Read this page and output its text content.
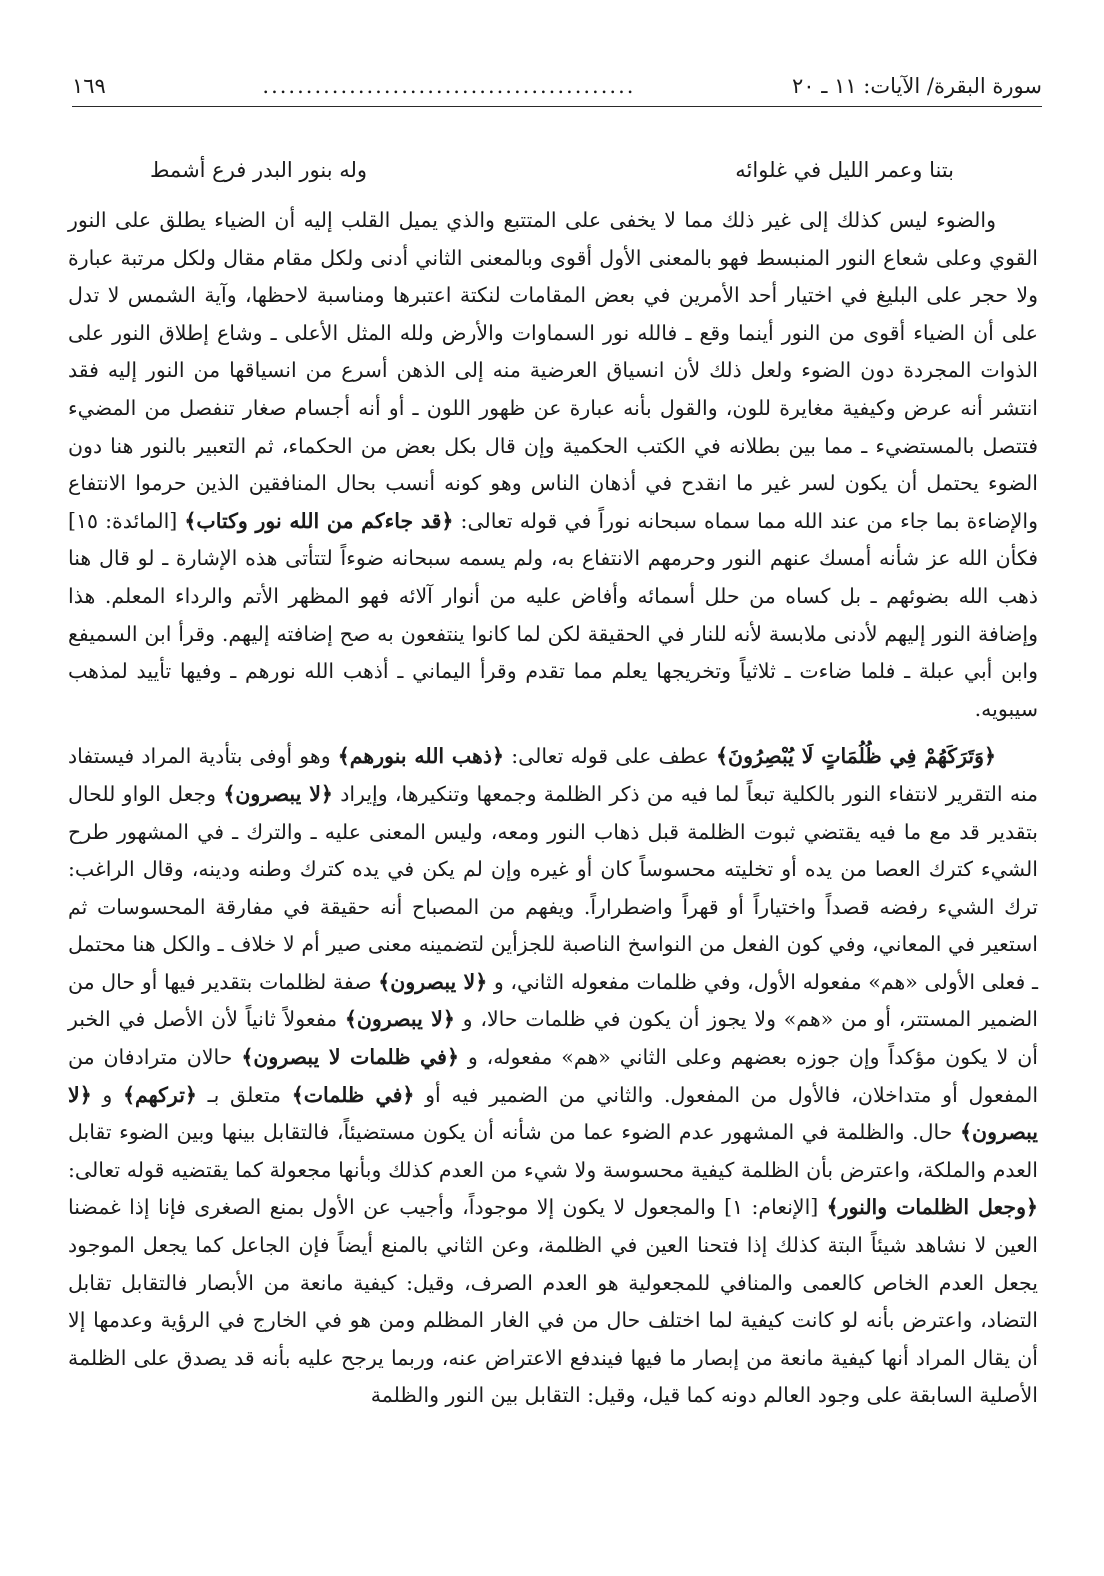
سورة البقرة/ الآيات: ١١ ـ ٢٠
...........................................
١٦٩
بتنا وعمر الليل في غلوائه
وله بنور البدر فرع أشمط

والضوء ليس كذلك إلى غير ذلك مما لا يخفى على المتتبع والذي يميل القلب إليه أن الضياء يطلق على النور القوي وعلى شعاع النور المنبسط فهو بالمعنى الأول أقوى وبالمعنى الثاني أدنى ولكل مقام مقال ولكل مرتبة عبارة ولا حجر على البليغ في اختيار أحد الأمرين في بعض المقامات لنكتة اعتبرها ومناسبة لاحظها، وآية الشمس لا تدل على أن الضياء أقوى من النور أينما وقع ـ فالله نور السماوات والأرض ولله المثل الأعلى ـ وشاع إطلاق النور على الذوات المجردة دون الضوء ولعل ذلك لأن انسياق العرضية منه إلى الذهن أسرع من انسياقها من النور إليه فقد انتشر أنه عرض وكيفية مغايرة للون، والقول بأنه عبارة عن ظهور اللون ـ أو أنه أجسام صغار تنفصل من المضيء فتتصل بالمستضيء ـ مما بين بطلانه في الكتب الحكمية وإن قال بكل بعض من الحكماء، ثم التعبير بالنور هنا دون الضوء يحتمل أن يكون لسر غير ما انقدح في أذهان الناس وهو كونه أنسب بحال المنافقين الذين حرموا الانتفاع والإضاءة بما جاء من عند الله مما سماه سبحانه نوراً في قوله تعالى: ﴿قد جاءكم من الله نور وكتاب﴾ [المائدة: ١٥] فكأن الله عز شأنه أمسك عنهم النور وحرمهم الانتفاع به، ولم يسمه سبحانه ضوءاً لتتأتى هذه الإشارة ـ لو قال هنا ذهب الله بضوئهم ـ بل كساه من حلل أسمائه وأفاض عليه من أنوار آلائه فهو المظهر الأتم والرداء المعلم. هذا وإضافة النور إليهم لأدنى ملابسة لأنه للنار في الحقيقة لكن لما كانوا ينتفعون به صح إضافته إليهم. وقرأ ابن السميفع وابن أبي عبلة ـ فلما ضاءت ـ ثلاثياً وتخريجها يعلم مما تقدم وقرأ اليماني ـ أذهب الله نورهم ـ وفيها تأييد لمذهب سيبويه.

﴿وَتَرَكَهُمْ فِي ظُلُمَاتٍ لَا يُبْصِرُونَ﴾ عطف على قوله تعالى: ﴿ذهب الله بنورهم﴾ وهو أوفى بتأدية المراد فيستفاد منه التقرير لانتفاء النور بالكلية تبعاً لما فيه من ذكر الظلمة وجمعها وتنكيرها، وإيراد ﴿لا يبصرون﴾ وجعل الواو للحال بتقدير قد مع ما فيه يقتضي ثبوت الظلمة قبل ذهاب النور ومعه، وليس المعنى عليه ـ والترك ـ في المشهور طرح الشيء كترك العصا من يده أو تخليته محسوساً كان أو غيره وإن لم يكن في يده كترك وطنه ودينه، وقال الراغب: ترك الشيء رفضه قصداً واختياراً أو قهراً واضطراراً. ويفهم من المصباح أنه حقيقة في مفارقة المحسوسات ثم استعير في المعاني، وفي كون الفعل من النواسخ الناصبة للجزأين لتضمينه معنى صير أم لا خلاف ـ والكل هنا محتمل ـ فعلى الأولى «هم» مفعوله الأول، وفي ظلمات مفعوله الثاني، و ﴿لا يبصرون﴾ صفة لظلمات بتقدير فيها أو حال من الضمير المستتر، أو من «هم» ولا يجوز أن يكون في ظلمات حالا، و ﴿لا يبصرون﴾ مفعولاً ثانياً لأن الأصل في الخبر أن لا يكون مؤكداً وإن جوزه بعضهم وعلى الثاني «هم» مفعوله، و ﴿في ظلمات لا يبصرون﴾ حالان مترادفان من المفعول أو متداخلان، فالأول من المفعول. والثاني من الضمير فيه أو ﴿في ظلمات﴾ متعلق بـ ﴿تركهم﴾ و ﴿لا يبصرون﴾ حال. والظلمة في المشهور عدم الضوء عما من شأنه أن يكون مستضيئاً، فالتقابل بينها وبين الضوء تقابل العدم والملكة، واعترض بأن الظلمة كيفية محسوسة ولا شيء من العدم كذلك وبأنها مجعولة كما يقتضيه قوله تعالى: ﴿وجعل الظلمات والنور﴾ [الإنعام: ١] والمجعول لا يكون إلا موجوداً، وأجيب عن الأول بمنع الصغرى فإنا إذا غمضنا العين لا نشاهد شيئاً البتة كذلك إذا فتحنا العين في الظلمة، وعن الثاني بالمنع أيضاً فإن الجاعل كما يجعل الموجود يجعل العدم الخاص كالعمى والمنافي للمجعولية هو العدم الصرف، وقيل: كيفية مانعة من الأبصار فالتقابل تقابل التضاد، واعترض بأنه لو كانت كيفية لما اختلف حال من في الغار المظلم ومن هو في الخارج في الرؤية وعدمها إلا أن يقال المراد أنها كيفية مانعة من إبصار ما فيها فيندفع الاعتراض عنه، وربما يرجح عليه بأنه قد يصدق على الظلمة الأصلية السابقة على وجود العالم دونه كما قيل، وقيل: التقابل بين النور والظلمة
